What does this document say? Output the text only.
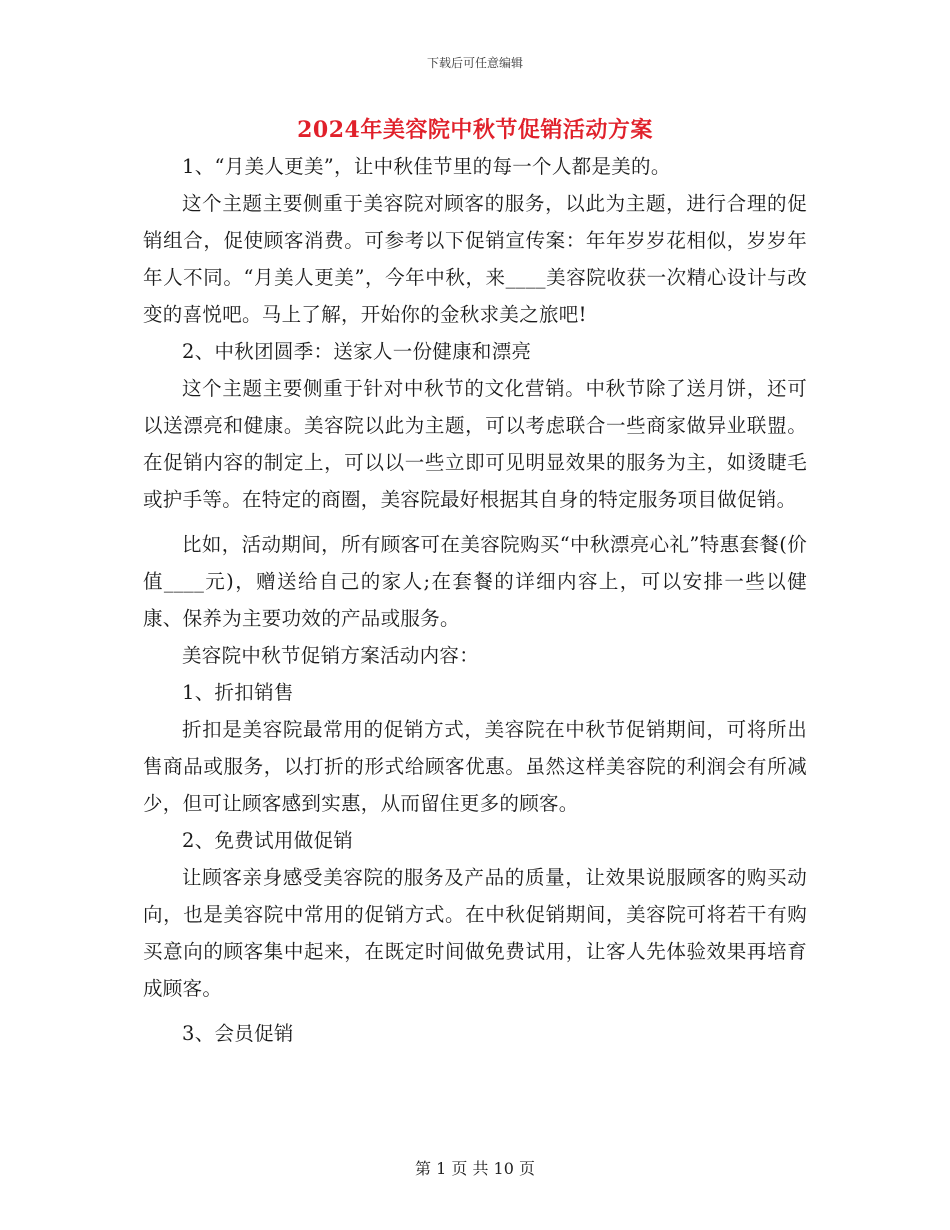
下载后可任意编辑
2024年美容院中秋节促销活动方案

1、“月美人更美”，让中秋佳节里的每一个人都是美的。

这个主题主要侧重于美容院对顾客的服务，以此为主题，进行合理的促销组合，促使顾客消费。可参考以下促销宣传案：年年岁岁花相似，岁岁年年人不同。“月美人更美”，今年中秋，来____美容院收获一次精心设计与改变的喜悦吧。马上了解，开始你的金秋求美之旅吧!

2、中秋团圆季：送家人一份健康和漂亮

这个主题主要侧重于针对中秋节的文化营销。中秋节除了送月饼，还可以送漂亮和健康。美容院以此为主题，可以考虑联合一些商家做异业联盟。在促销内容的制定上，可以以一些立即可见明显效果的服务为主，如烫睫毛或护手等。在特定的商圈，美容院最好根据其自身的特定服务项目做促销。

比如，活动期间，所有顾客可在美容院购买“中秋漂亮心礼”特惠套餐(价值____元)，赠送给自己的家人;在套餐的详细内容上，可以安排一些以健康、保养为主要功效的产品或服务。

美容院中秋节促销方案活动内容：

1、折扣销售

折扣是美容院最常用的促销方式，美容院在中秋节促销期间，可将所出售商品或服务，以打折的形式给顾客优惠。虽然这样美容院的利润会有所减少，但可让顾客感到实惠，从而留住更多的顾客。

2、免费试用做促销

让顾客亲身感受美容院的服务及产品的质量，让效果说服顾客的购买动向，也是美容院中常用的促销方式。在中秋促销期间，美容院可将若干有购买意向的顾客集中起来，在既定时间做免费试用，让客人先体验效果再培育成顾客。

3、会员促销

第 1 页 共 10 页
